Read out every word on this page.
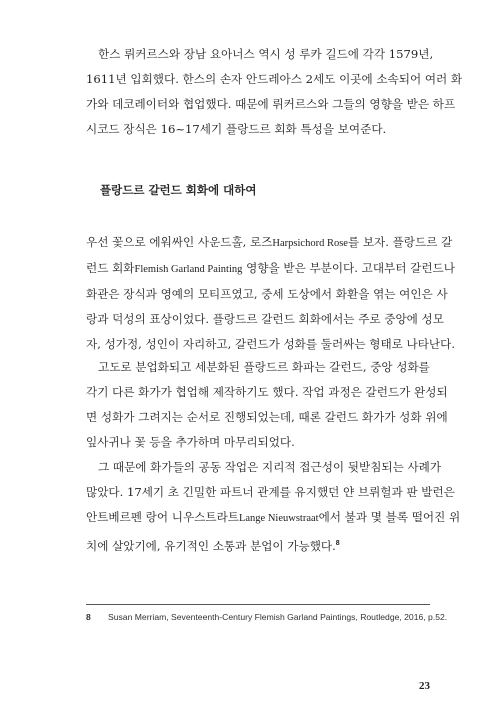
한스 뤼커르스와 장남 요아너스 역시 성 루카 길드에 각각 1579년,
1611년 입회했다. 한스의 손자 안드레아스 2세도 이곳에 소속되어 여러 화
가와 데코레이터와 협업했다. 때문에 뤼커르스와 그들의 영향을 받은 하프
시코드 장식은 16~17세기 플랑드르 회화 특성을 보여준다.

플랑드르 갈런드 회화에 대하여

우선 꽃으로 에워싸인 사운드홀, 로즈Harpsichord Rose를 보자. 플랑드르 갈
런드 회화Flemish Garland Painting 영향을 받은 부분이다. 고대부터 갈런드나
화관은 장식과 영예의 모티프였고, 중세 도상에서 화환을 엮는 여인은 사
랑과 덕성의 표상이었다. 플랑드르 갈런드 회화에서는 주로 중앙에 성모
자, 성가정, 성인이 자리하고, 갈런드가 성화를 둘러싸는 형태로 나타난다.

고도로 분업화되고 세분화된 플랑드르 화파는 갈런드, 중앙 성화를
각기 다른 화가가 협업해 제작하기도 했다. 작업 과정은 갈런드가 완성되
면 성화가 그려지는 순서로 진행되었는데, 때론 갈런드 화가가 성화 위에
잎사귀나 꽃 등을 추가하며 마무리되었다.

그 때문에 화가들의 공동 작업은 지리적 접근성이 뒷받침되는 사례가
많았다. 17세기 초 긴밀한 파트너 관계를 유지했던 얀 브뤼헐과 판 발런은
안트베르펜 랑어 니우스트라트Lange Nieuwstraat에서 불과 몇 블록 떨어진 위
치에 살았기에, 유기적인 소통과 분업이 가능했다.$^8$

8 Susan Merriam, Seventeenth-Century Flemish Garland Paintings, Routledge, 2016, p.52.
23
